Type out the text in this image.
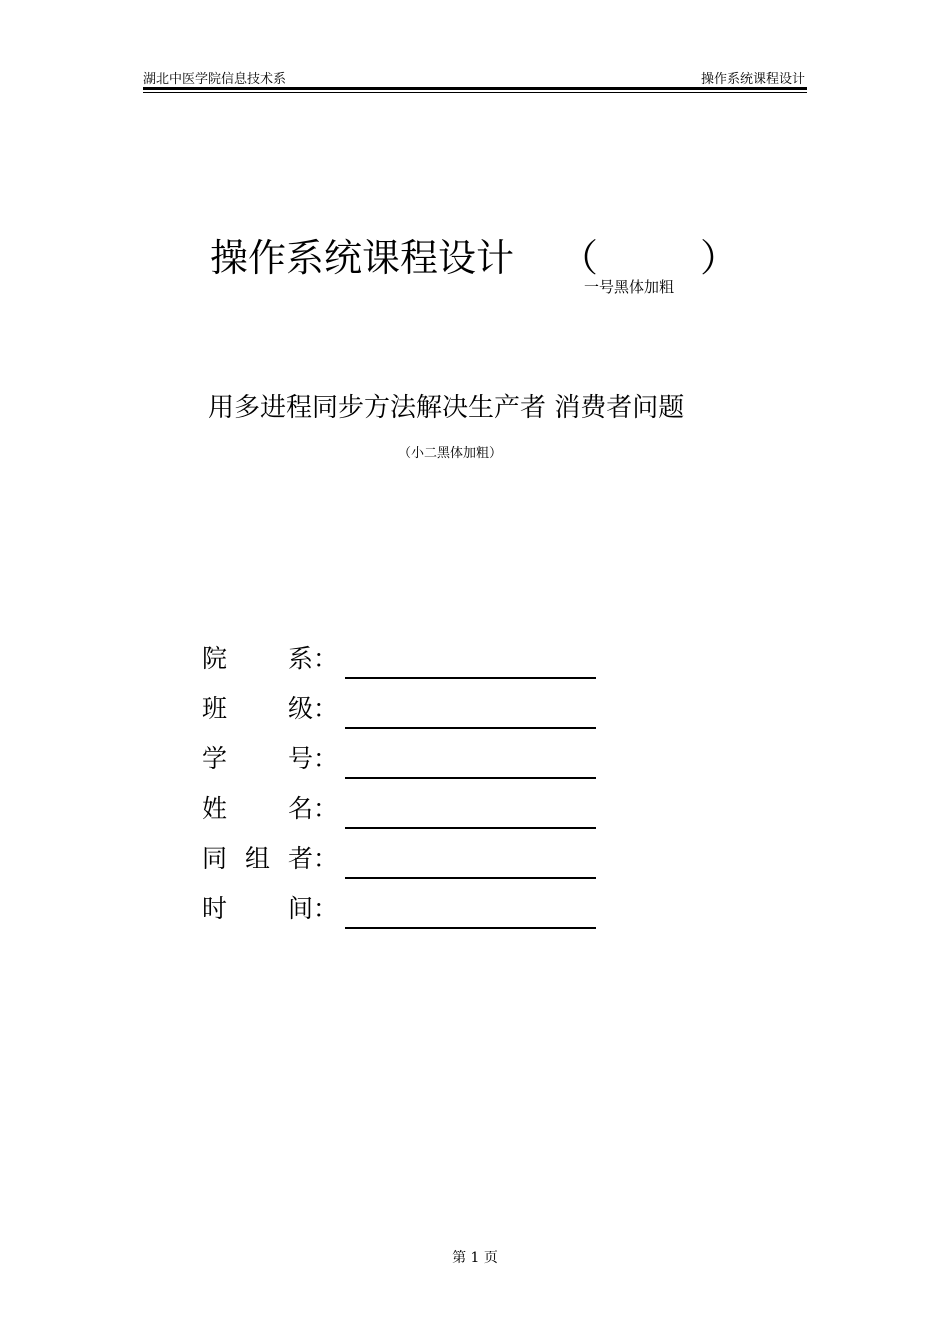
湖北中医学院信息技术系	操作系统课程设计
操作系统课程设计 （	）
一号黑体加粗
用多进程同步方法解决生产者 消费者问题
（小二黑体加粗）
院 系：
班 级：
学 号：
姓 名：
同 组 者：
时 间：
第 1 页
